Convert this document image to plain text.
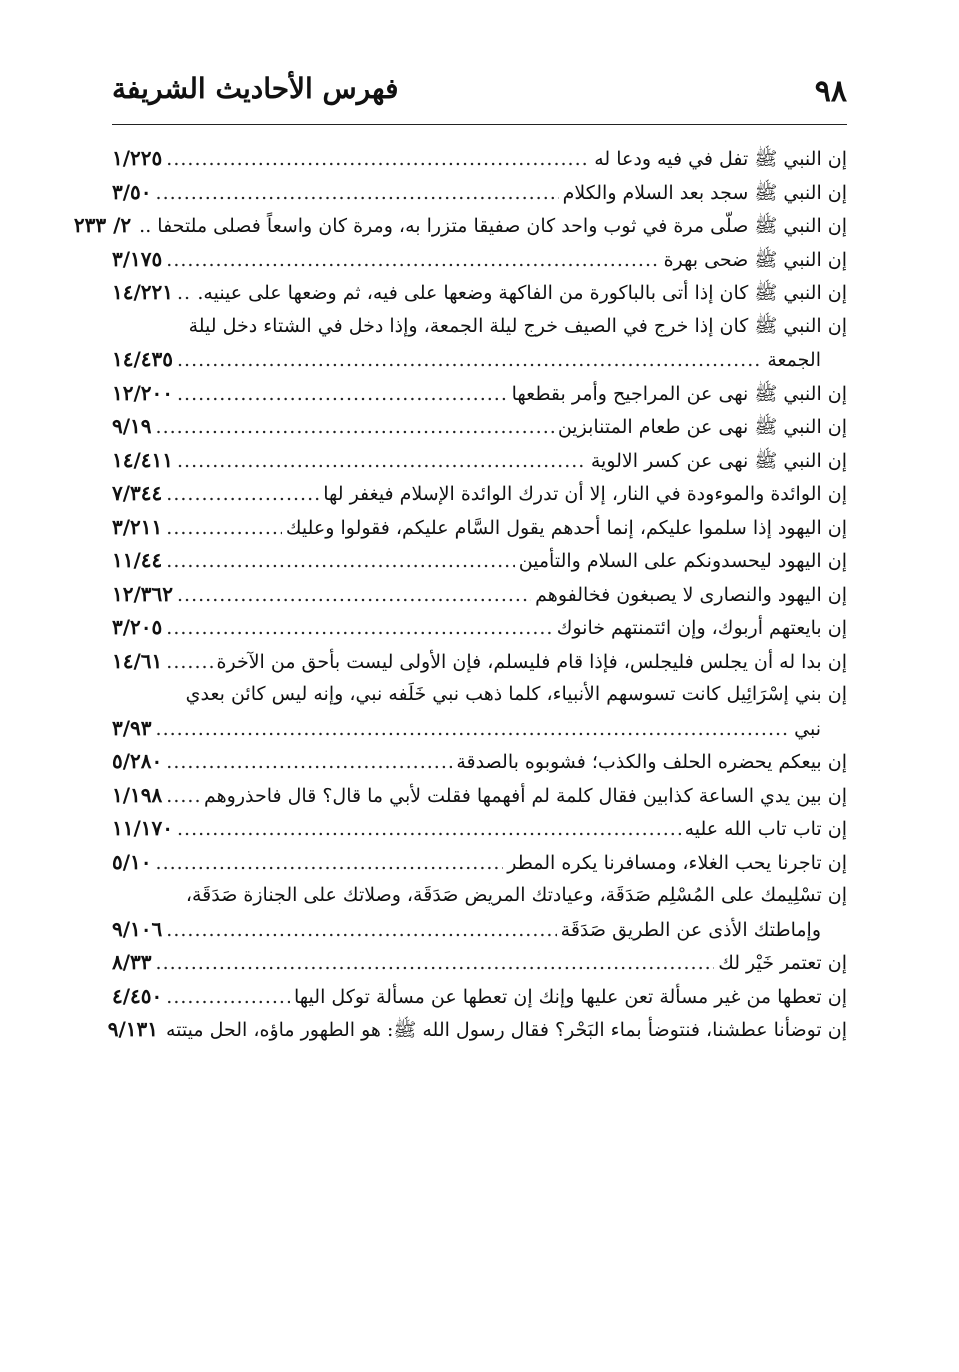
٩٨
فهرس الأحاديث الشريفة
إن النبي ﷺ تفل في فيه ودعا له
.....
١/٢٢٥
إن النبي ﷺ سجد بعد السلام والكلام
.....
٣/٥٠
إن النبي ﷺ صلّى مرة في ثوب واحد كان صفيقا متزرا به، ومرة كان واسعاً فصلى ملتحفا ..
٢/ ٢٣٣
إن النبي ﷺ ضحى بهرة
.....
٣/١٧٥
إن النبي ﷺ كان إذا أتى بالباكورة من الفاكهة وضعها على فيه، ثم وضعها على عينيه.
.....
١٤/٢٢١
إن النبي ﷺ كان إذا خرج في الصيف خرج ليلة الجمعة، وإذا دخل في الشتاء دخل ليلة
الجمعة
.....
١٤/٤٣٥
إن النبي ﷺ نهى عن المراجيح وأمر بقطعها
.....
١٢/٢٠٠
إن النبي ﷺ نهى عن طعام المتنابزين
.....
٩/١٩
إن النبي ﷺ نهى عن كسر الالوية
.....
١٤/٤١١
إن الوائدة والموءودة في النار، إلا أن تدرك الوائدة الإسلام فيغفر لها
.....
٧/٣٤٤
إن اليهود إذا سلموا عليكم، إنما أحدهم يقول السَّام عليكم، فقولوا وعليك
.....
٣/٢١١
إن اليهود ليحسدونكم على السلام والتأمين
.....
١١/٤٤
إن اليهود والنصارى لا يصبغون فخالفوهم
.....
١٢/٣٦٢
إن بايعتهم أربوك، وإن ائتمنتهم خانوك
.....
٣/٢٠٥
إن بدا له أن يجلس فليجلس، فإذا قام فليسلم، فإن الأولى ليست بأحق من الآخرة
.....
١٤/٦١
إن بني إسْرَائِيل كانت تسوسهم الأنبياء، كلما ذهب نبي خَلَفه نبي، وإنه ليس كائن بعدي
نبي
.....
٣/٩٣
إن بيعكم يحضره الحلف والكذب؛ فشوبوه بالصدقة
.....
٥/٢٨٠
إن بين يدي الساعة كذابين فقال كلمة لم أفهمها فقلت لأبي ما قال؟ قال فاحذروهم
.....
١/١٩٨
إن تاب تاب الله عليه
.....
١١/١٧٠
إن تاجرنا يحب الغلاء، ومسافرنا يكره المطر
.....
٥/١٠
إن تسْلِيمك على المُسْلِم صَدَقَة، وعيادتك المريض صَدَقَة، وصلاتك على الجنازة صَدَقَة،
وإماطتك الأذى عن الطريق صَدَقَة
.....
٩/١٠٦
إن تعتمر خَيْر لك
.....
٨/٣٣
إن تعطها من غير مسألة تعن عليها وإنك إن تعطها عن مسألة توكل اليها
.....
٤/٤٥٠
إن توضأنا عطشنا، فنتوضأ بماء البَحْر؟ فقال رسول الله ﷺ: هو الطهور ماؤه، الحل ميتته
٩/١٣١
